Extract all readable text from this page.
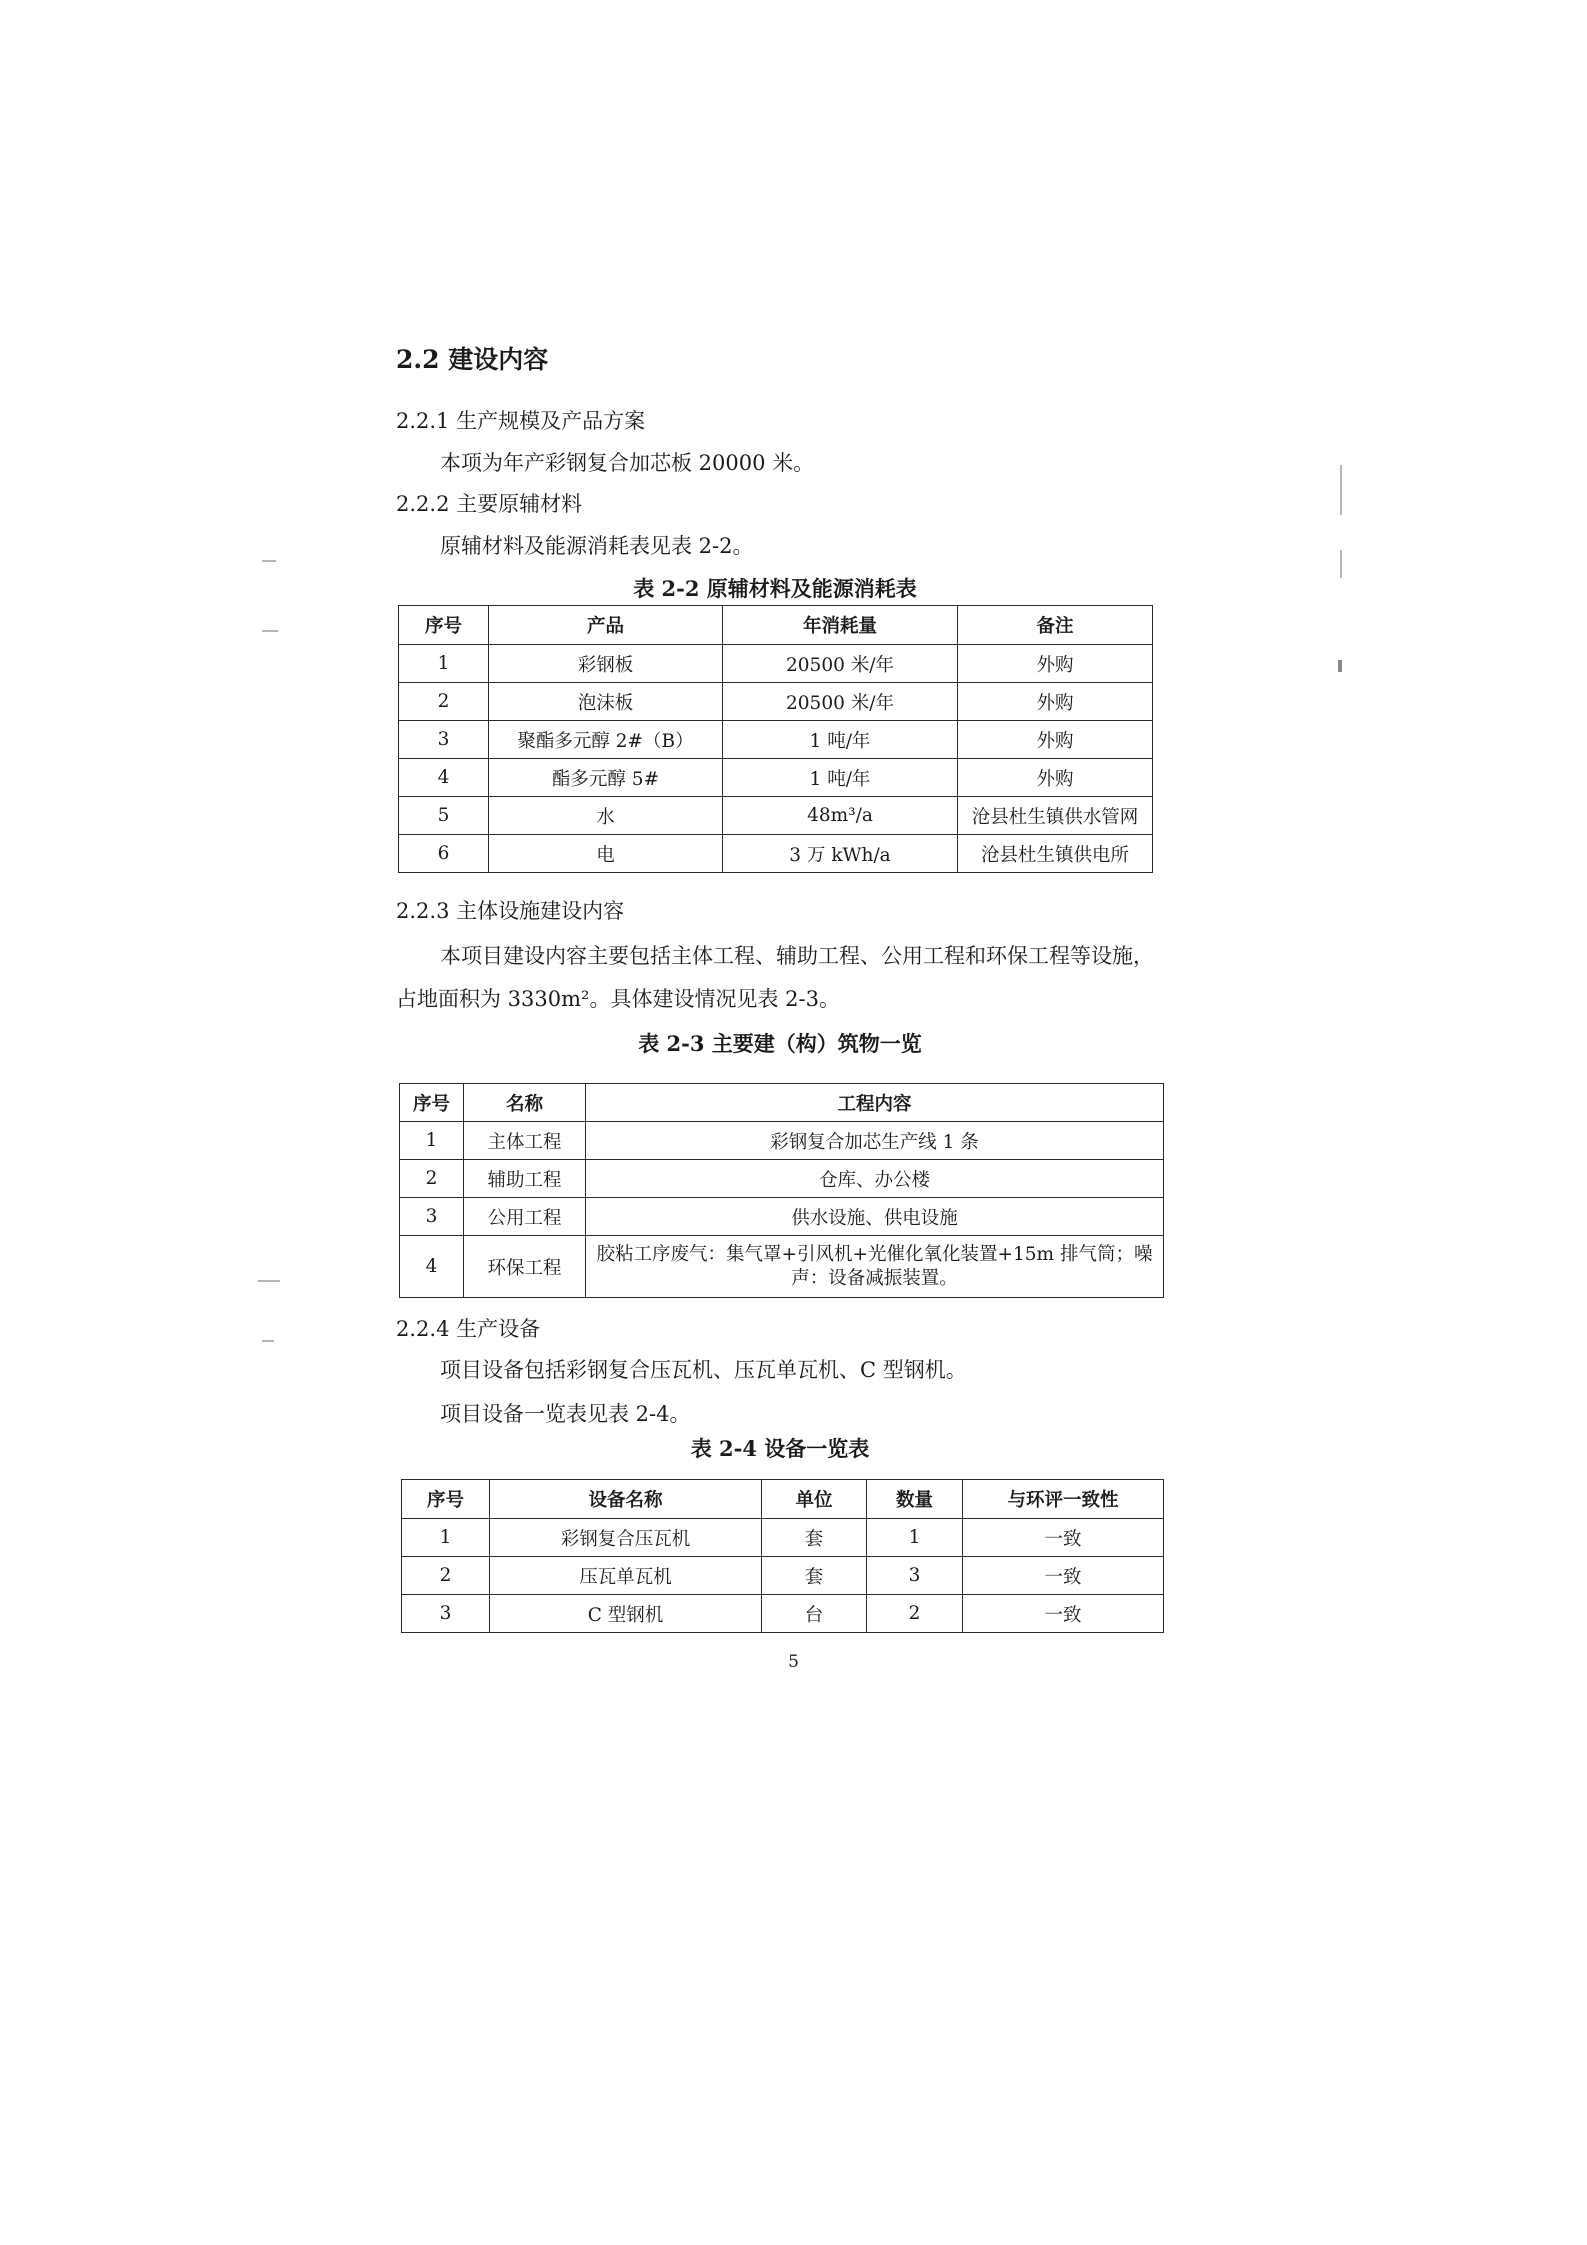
2.2 建设内容
2.2.1 生产规模及产品方案
本项为年产彩钢复合加芯板 20000 米。
2.2.2 主要原辅材料
原辅材料及能源消耗表见表 2-2。
表 2-2 原辅材料及能源消耗表
序号	产品	年消耗量	备注
1	彩钢板	20500 米/年	外购
2	泡沫板	20500 米/年	外购
3	聚酯多元醇 2#（B）	1 吨/年	外购
4	酯多元醇 5#	1 吨/年	外购
5	水	48m³/a	沧县杜生镇供水管网
6	电	3 万 kWh/a	沧县杜生镇供电所
2.2.3 主体设施建设内容
本项目建设内容主要包括主体工程、辅助工程、公用工程和环保工程等设施，
占地面积为 3330m²。具体建设情况见表 2-3。
表 2-3 主要建（构）筑物一览
序号	名称	工程内容
1	主体工程	彩钢复合加芯生产线 1 条
2	辅助工程	仓库、办公楼
3	公用工程	供水设施、供电设施
4	环保工程	胶粘工序废气：集气罩+引风机+光催化氧化装置+15m 排气筒；噪声：设备减振装置。
2.2.4 生产设备
项目设备包括彩钢复合压瓦机、压瓦单瓦机、C 型钢机。
项目设备一览表见表 2-4。
表 2-4 设备一览表
序号	设备名称	单位	数量	与环评一致性
1	彩钢复合压瓦机	套	1	一致
2	压瓦单瓦机	套	3	一致
3	C 型钢机	台	2	一致
5
